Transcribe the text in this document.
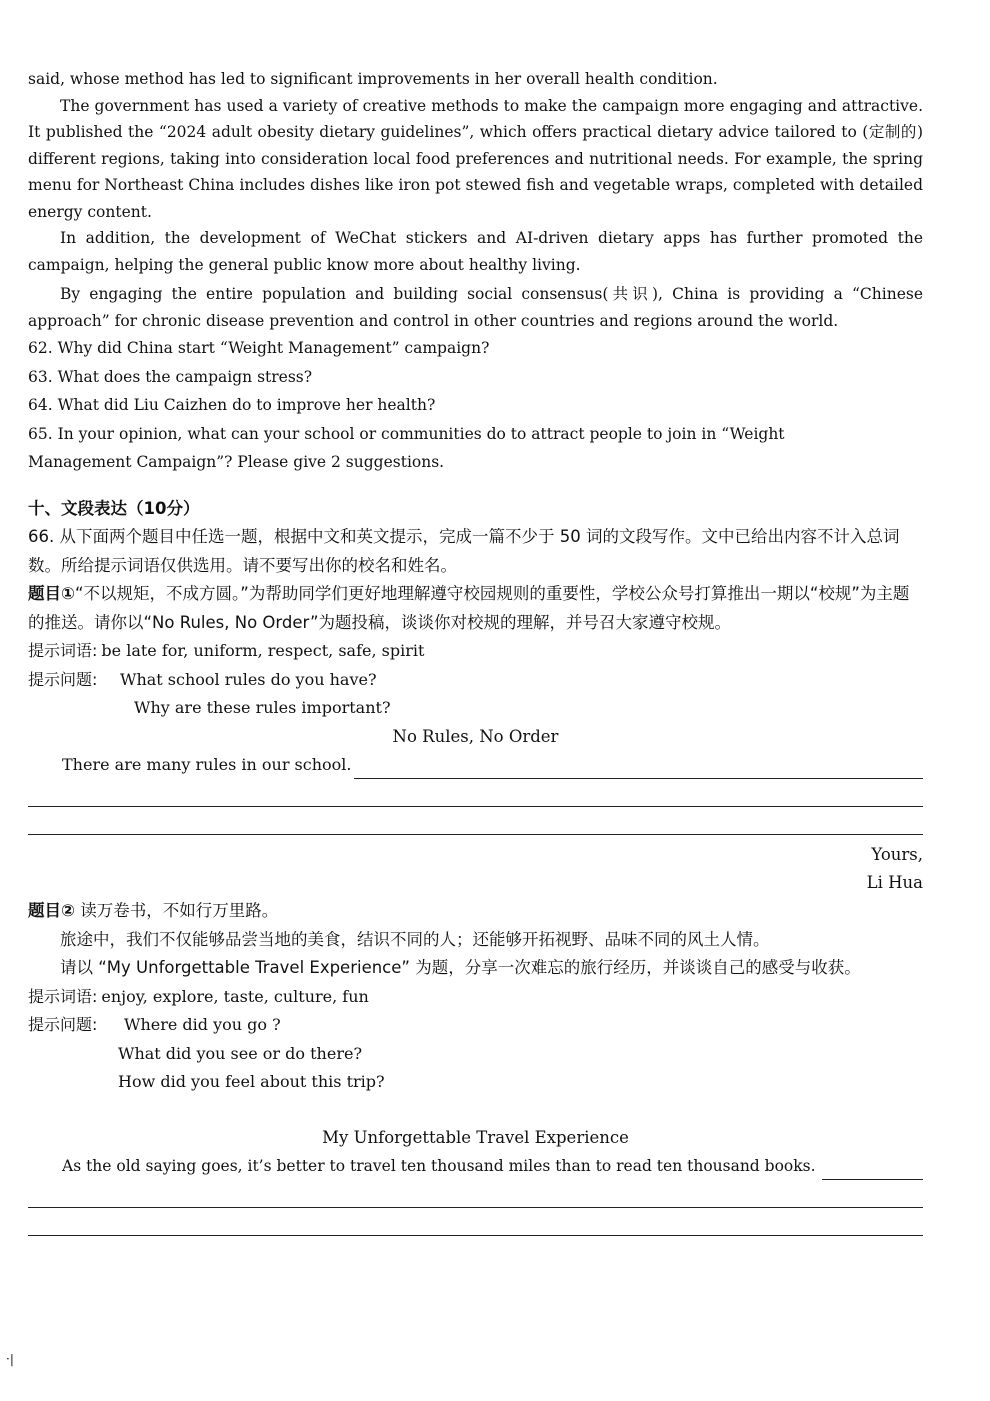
said, whose method has led to significant improvements in her overall health condition.

The government has used a variety of creative methods to make the campaign more engaging and attractive. It published the “2024 adult obesity dietary guidelines”, which offers practical dietary advice tailored to (定制的) different regions, taking into consideration local food preferences and nutritional needs. For example, the spring menu for Northeast China includes dishes like iron pot stewed fish and vegetable wraps, completed with detailed energy content.

In addition, the development of WeChat stickers and AI-driven dietary apps has further promoted the campaign, helping the general public know more about healthy living.

By engaging the entire population and building social consensus(共识), China is providing a “Chinese approach” for chronic disease prevention and control in other countries and regions around the world.

62. Why did China start “Weight Management” campaign?

63. What does the campaign stress?

64. What did Liu Caizhen do to improve her health?

65. In your opinion, what can your school or communities do to attract people to join in “Weight Management Campaign”? Please give 2 suggestions.

十、文段表达（10分）

66. 从下面两个题目中任选一题，根据中文和英文提示，完成一篇不少于 50 词的文段写作。文中已给出内容不计入总词数。所给提示词语仅供选用。请不要写出你的校名和姓名。

题目①“不以规矩，不成方圆。”为帮助同学们更好地理解遵守校园规则的重要性，学校公众号打算推出一期以“校规”为主题的推送。请你以“No Rules, No Order”为题投稿，谈谈你对校规的理解，并号召大家遵守校规。

提示词语: be late for, uniform, respect, safe, spirit
提示问题:	What school rules do you have?
Why are these rules important?
No Rules, No Order
There are many rules in our school.
Yours,
Li Hua

题目② 读万卷书，不如行万里路。

旅途中，我们不仅能够品尝当地的美食，结识不同的人；还能够开拓视野、品味不同的风土人情。

请以 “My Unforgettable Travel Experience” 为题，分享一次难忘的旅行经历，并谈谈自己的感受与收获。

提示词语: enjoy, explore, taste, culture, fun
提示问题:	Where did you go ?
What did you see or do there?
How did you feel about this trip?
My Unforgettable Travel Experience
As the old saying goes, it’s better to travel ten thousand miles than to read ten thousand books.
·|
